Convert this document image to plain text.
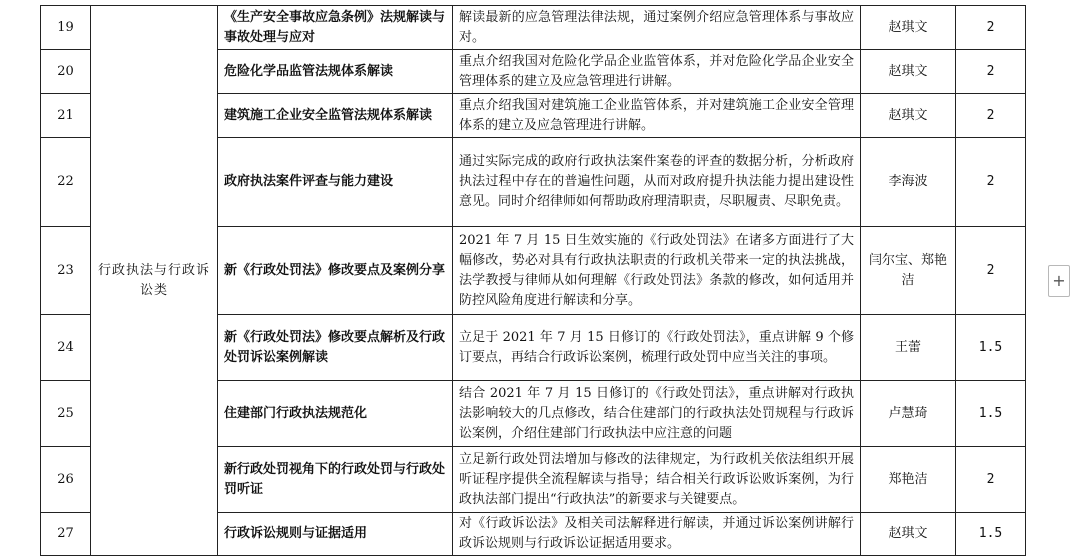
19	行政执法与行政诉讼类	《生产安全事故应急条例》法规解读与事故处理与应对	解读最新的应急管理法律法规，通过案例介绍应急管理体系与事故应对。	赵琪文	2
20		危险化学品监管法规体系解读	重点介绍我国对危险化学品企业监管体系，并对危险化学品企业安全管理体系的建立及应急管理进行讲解。	赵琪文	2
21		建筑施工企业安全监管法规体系解读	重点介绍我国对建筑施工企业监管体系，并对建筑施工企业安全管理体系的建立及应急管理进行讲解。	赵琪文	2
22		政府执法案件评查与能力建设	通过实际完成的政府行政执法案件案卷的评查的数据分析，分析政府执法过程中存在的普遍性问题，从而对政府提升执法能力提出建设性意见。同时介绍律师如何帮助政府理清职责，尽职履责、尽职免责。	李海波	2
23		新《行政处罚法》修改要点及案例分享	2021 年 7 月 15 日生效实施的《行政处罚法》在诸多方面进行了大幅修改，势必对具有行政执法职责的行政机关带来一定的执法挑战，法学教授与律师从如何理解《行政处罚法》条款的修改，如何适用并防控风险角度进行解读和分享。	闫尔宝、郑艳洁	2
24		新《行政处罚法》修改要点解析及行政处罚诉讼案例解读	立足于 2021 年 7 月 15 日修订的《行政处罚法》，重点讲解 9 个修订要点，再结合行政诉讼案例，梳理行政处罚中应当关注的事项。	王蕾	1.5
25		住建部门行政执法规范化	结合 2021 年 7 月 15 日修订的《行政处罚法》，重点讲解对行政执法影响较大的几点修改，结合住建部门的行政执法处罚规程与行政诉讼案例，介绍住建部门行政执法中应注意的问题	卢慧琦	1.5
26		新行政处罚视角下的行政处罚与行政处罚听证	立足新行政处罚法增加与修改的法律规定，为行政机关依法组织开展听证程序提供全流程解读与指导；结合相关行政诉讼败诉案例，为行政执法部门提出“行政执法”的新要求与关键要点。	郑艳洁	2
27		行政诉讼规则与证据适用	对《行政诉讼法》及相关司法解释进行解读，并通过诉讼案例讲解行政诉讼规则与行政诉讼证据适用要求。	赵琪文	1.5
+
